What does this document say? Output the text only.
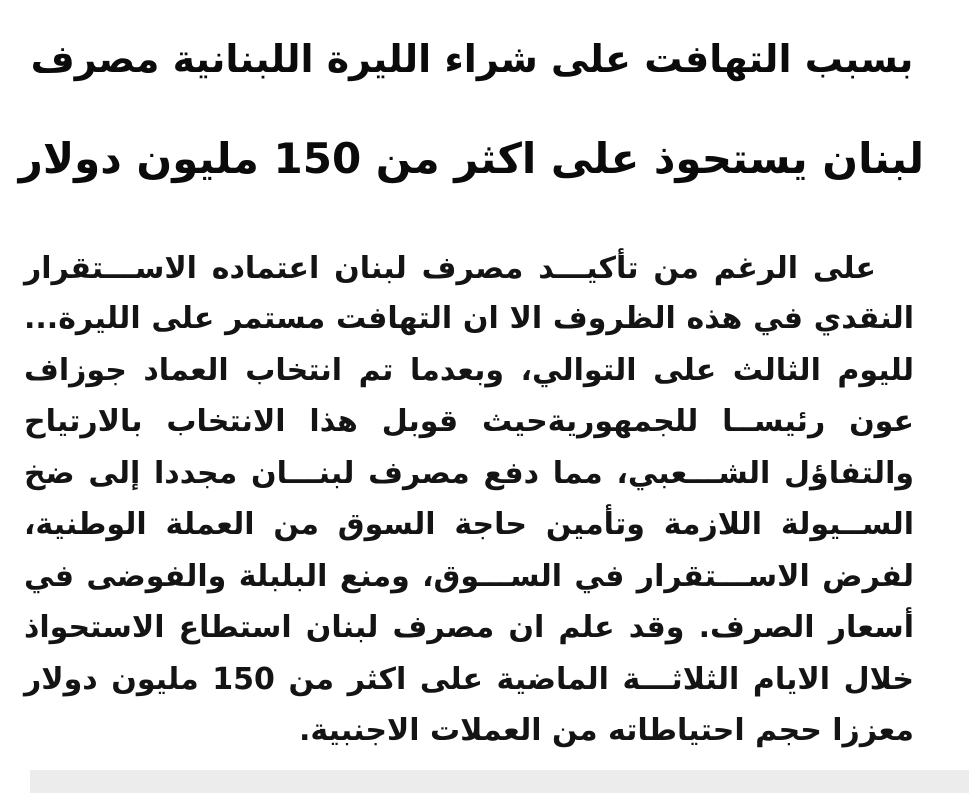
بسبب التهافت على شراء الليرة اللبنانية مصرف
لبنان يستحوذ على اكثر من 150 مليون دولار
على الرغم من تأكيـــد مصرف لبنان اعتماده الاســـتقرار
النقدي في هذه الظروف الا ان التهافت مستمر على الليرة...
لليوم الثالث على التوالي، وبعدما تم انتخاب العماد جوزاف
عون رئيســا للجمهوريةحيث قوبل هذا الانتخاب بالارتياح
والتفاؤل الشـــعبي، مما دفع مصرف لبنـــان مجددا إلى ضخ
الســيولة اللازمة وتأمين حاجة السوق من العملة الوطنية،
لفرض الاســـتقرار في الســـوق، ومنع البلبلة والفوضى في
أسعار الصرف. وقد علم ان مصرف لبنان استطاع الاستحواذ
خلال الايام الثلاثـــة الماضية على اكثر من 150 مليون دولار
معززا حجم احتياطاته من العملات الاجنبية.
